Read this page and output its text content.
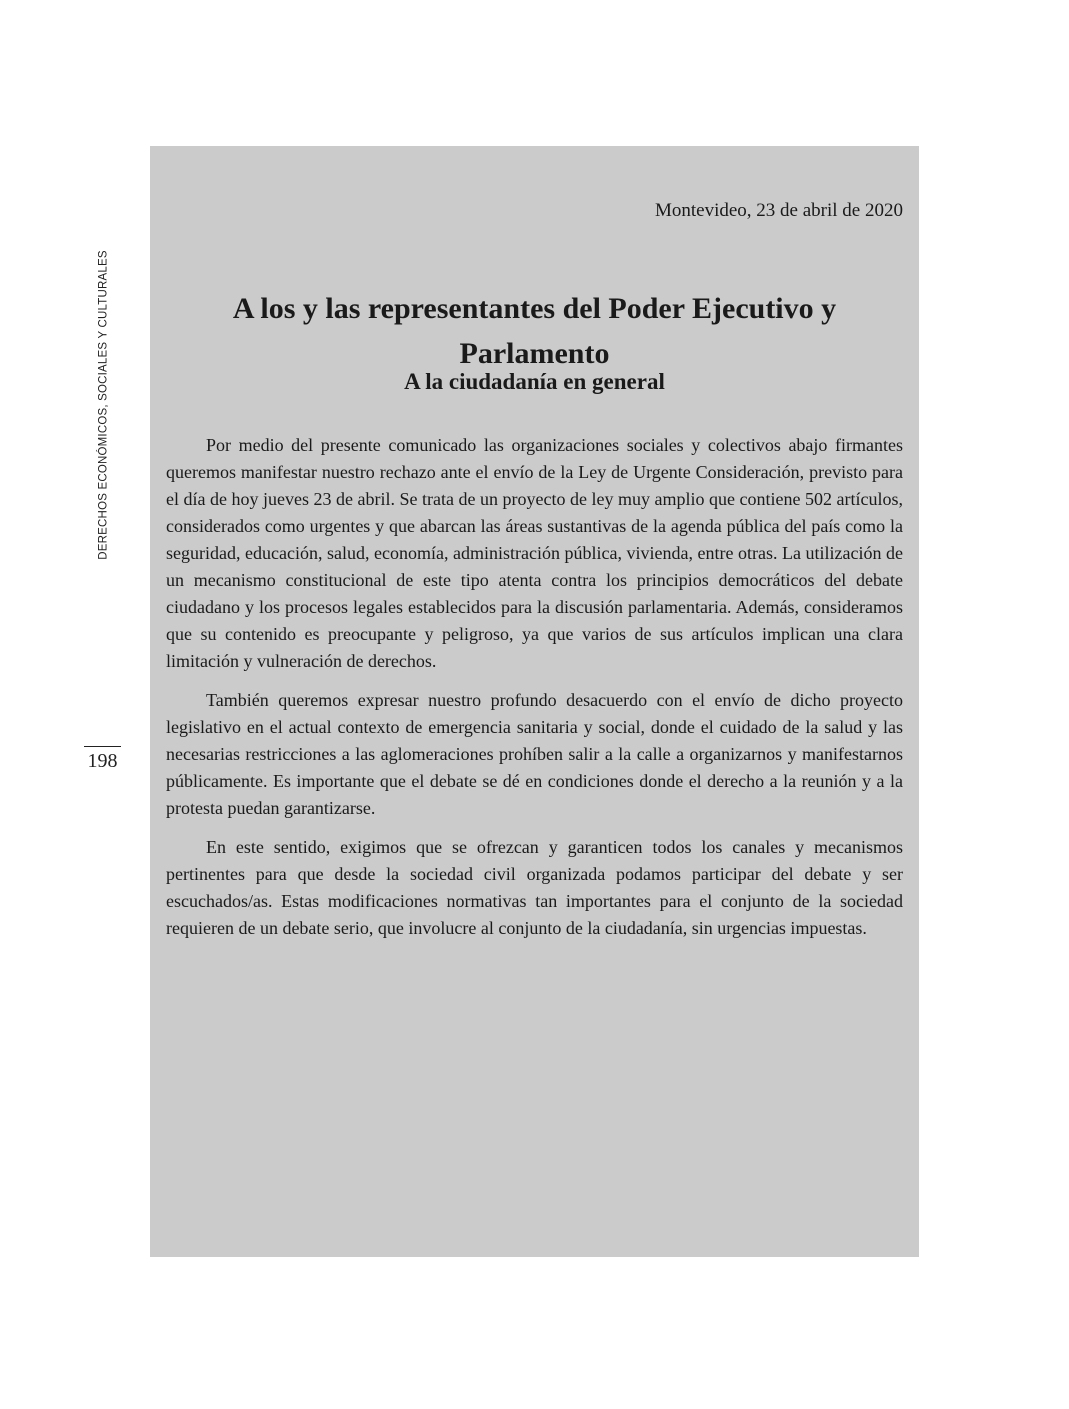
DERECHOS ECONÓMICOS, SOCIALES Y CULTURALES
198
Montevideo, 23 de abril de 2020
A los y las representantes del Poder Ejecutivo y Parlamento
A la ciudadanía en general

Por medio del presente comunicado las organizaciones sociales y colectivos abajo firmantes queremos manifestar nuestro rechazo ante el envío de la Ley de Urgente Consideración, previsto para el día de hoy jueves 23 de abril. Se trata de un proyecto de ley muy amplio que contiene 502 artículos, considerados como urgentes y que abarcan las áreas sustantivas de la agenda pública del país como la seguridad, educación, salud, economía, administración pública, vivienda, entre otras. La utilización de un mecanismo constitucional de este tipo atenta contra los principios democráticos del debate ciudadano y los procesos legales establecidos para la discusión parlamentaria. Además, consideramos que su contenido es preocupante y peligroso, ya que varios de sus artículos implican una clara limitación y vulneración de derechos.

También queremos expresar nuestro profundo desacuerdo con el envío de dicho proyecto legislativo en el actual contexto de emergencia sanitaria y social, donde el cuidado de la salud y las necesarias restricciones a las aglomeraciones prohíben salir a la calle a organizarnos y manifestarnos públicamente. Es importante que el debate se dé en condiciones donde el derecho a la reunión y a la protesta puedan garantizarse.

En este sentido, exigimos que se ofrezcan y garanticen todos los canales y mecanismos pertinentes para que desde la sociedad civil organizada podamos participar del debate y ser escuchados/as. Estas modificaciones normativas tan importantes para el conjunto de la sociedad requieren de un debate serio, que involucre al conjunto de la ciudadanía, sin urgencias impuestas.
